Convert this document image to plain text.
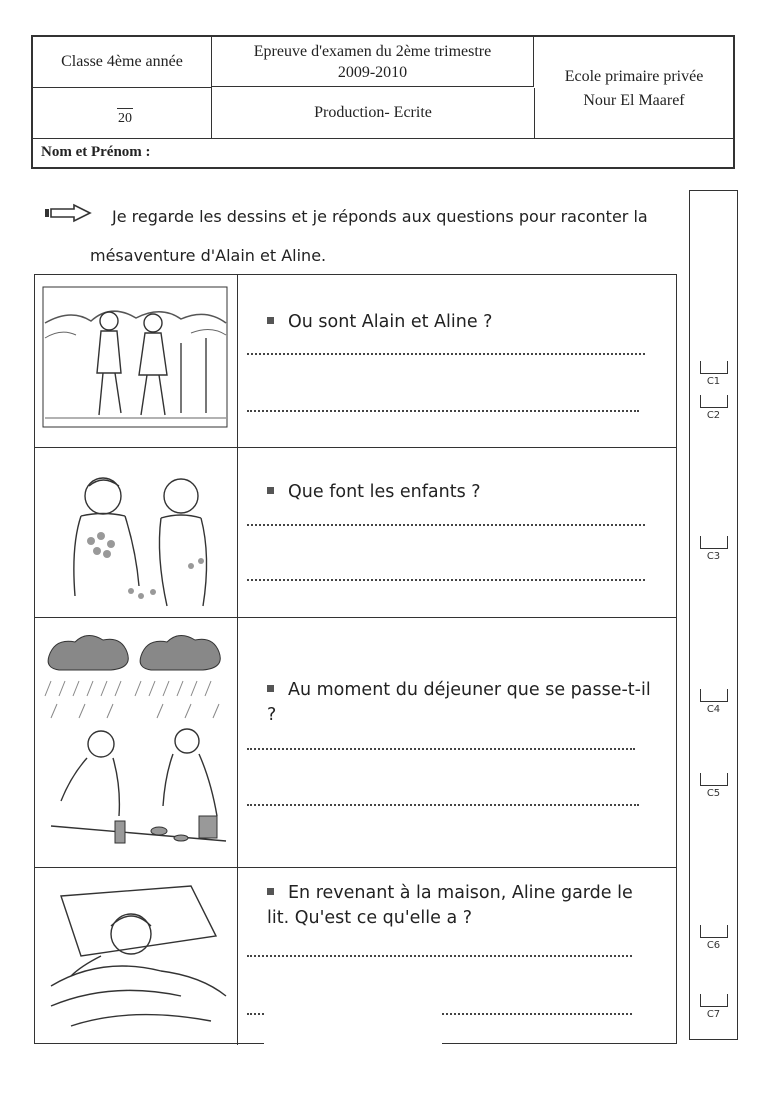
Classe 4ème année
20
Epreuve d'examen du 2ème trimestre
2009-2010
Production- Ecrite
Ecole primaire privée
Nour El Maaref
Nom et Prénom :
Je regarde les dessins et je réponds aux questions pour raconter la
mésaventure d'Alain et Aline.
Ou sont Alain et Aline ?
Que font les enfants ?
Au moment du déjeuner que se passe-t-il ?
En revenant à la maison, Aline garde le lit. Qu'est ce qu'elle a ?
C1
C2
C3
C4
C5
C6
C7
